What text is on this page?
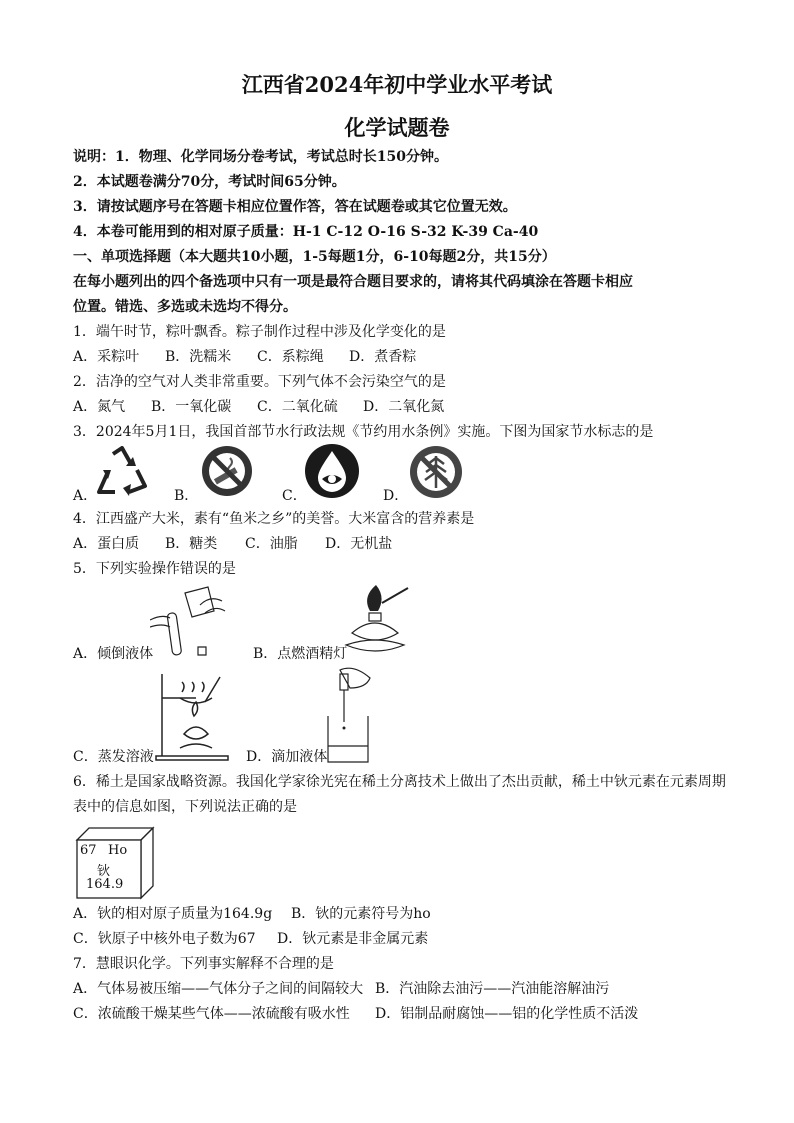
江西省2024年初中学业水平考试
化学试题卷
说明：1．物理、化学同场分卷考试，考试总时长150分钟。
2．本试题卷满分70分，考试时间65分钟。
3．请按试题序号在答题卡相应位置作答，答在试题卷或其它位置无效。
4．本卷可能用到的相对原子质量：H-1 C-12 O-16 S-32 K-39 Ca-40
一、单项选择题（本大题共10小题，1-5每题1分，6-10每题2分，共15分）
在每小题列出的四个备选项中只有一项是最符合题目要求的，请将其代码填涂在答题卡相应
位置。错选、多选或未选均不得分。
1．端午时节，粽叶飘香。粽子制作过程中涉及化学变化的是
A．采粽叶 B．洗糯米 C．系粽绳 D．煮香粽
2．洁净的空气对人类非常重要。下列气体不会污染空气的是
A．氮气 B．一氧化碳 C．二氧化硫 D．二氧化氮
3．2024年5月1日，我国首部节水行政法规《节约用水条例》实施。下图为国家节水标志的是
A．	B．	C．	D．
4．江西盛产大米，素有“鱼米之乡”的美誉。大米富含的营养素是
A．蛋白质 B．糖类 C．油脂 D．无机盐
5．下列实验操作错误的是
A．倾倒液体	B．点燃酒精灯
C．蒸发溶液	D．滴加液体
6．稀土是国家战略资源。我国化学家徐光宪在稀土分离技术上做出了杰出贡献，稀土中钬元素在元素周期
表中的信息如图，下列说法正确的是
67 Ho
钬
164.9
A．钬的相对原子质量为164.9g B．钬的元素符号为ho
C．钬原子中核外电子数为67 D．钬元素是非金属元素
7．慧眼识化学。下列事实解释不合理的是
A．气体易被压缩——气体分子之间的间隔较大 B．汽油除去油污——汽油能溶解油污
C．浓硫酸干燥某些气体——浓硫酸有吸水性 D．铝制品耐腐蚀——铝的化学性质不活泼
